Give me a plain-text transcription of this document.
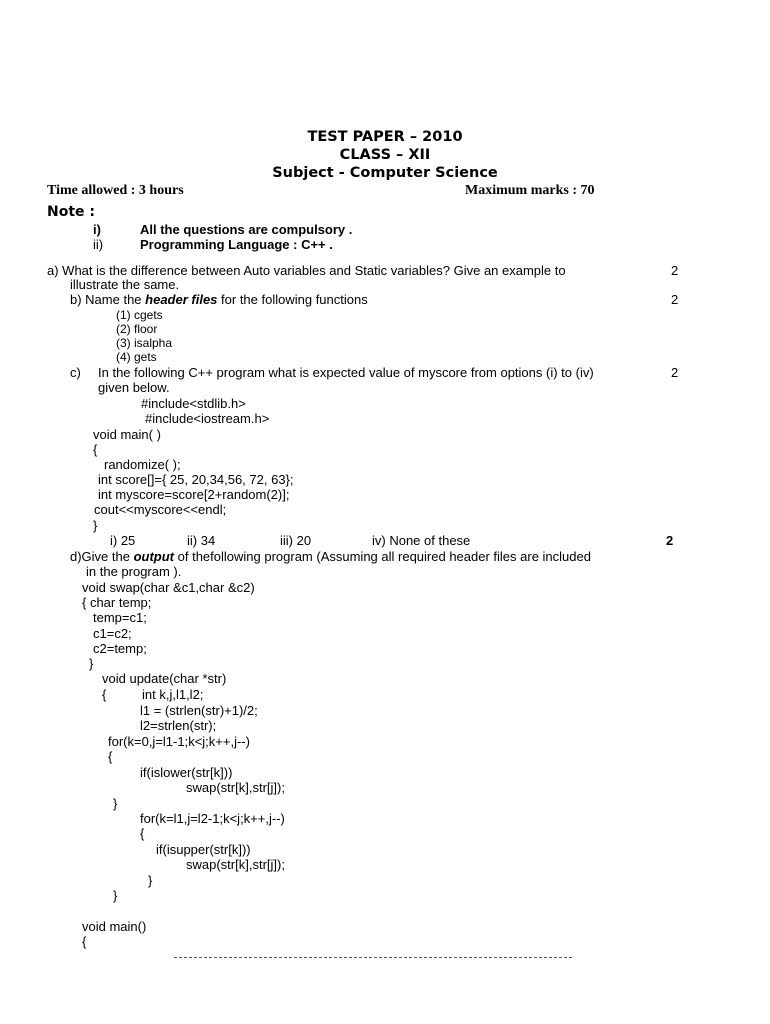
TEST PAPER – 2010
CLASS – XII
Subject - Computer Science
Time allowed : 3 hours	Maximum marks : 70
Note :
i)	All the questions are compulsory .
ii)	Programming Language : C++ .
a) What is the difference between Auto variables and Static variables? Give an example to
illustrate the same.
2
b) Name the header files for the following functions	2
(1) cgets
(2) floor
(3) isalpha
(4) gets
c) In the following C++ program what is expected value of myscore from options (i) to (iv)
given below.
2
#include<stdlib.h>
#include<iostream.h>
void main( )
{
randomize( );
int score[]={ 25, 20,34,56, 72, 63};
int myscore=score[2+random(2)];
cout<<myscore<<endl;
}
i) 25	ii) 34	iii) 20	iv) None of these	2
d)Give the output of thefollowing program (Assuming all required header files are included
in the program ).
void swap(char &c1,char &c2)
{ char temp;
temp=c1;
c1=c2;
c2=temp;
}
void update(char *str)
{	int k,j,l1,l2;
l1 = (strlen(str)+1)/2;
l2=strlen(str);
for(k=0,j=l1-1;k<j;k++,j--)
{
if(islower(str[k]))
swap(str[k],str[j]);
}
for(k=l1,j=l2-1;k<j;k++,j--)
{
if(isupper(str[k]))
swap(str[k],str[j]);
}
}
void main()
{
